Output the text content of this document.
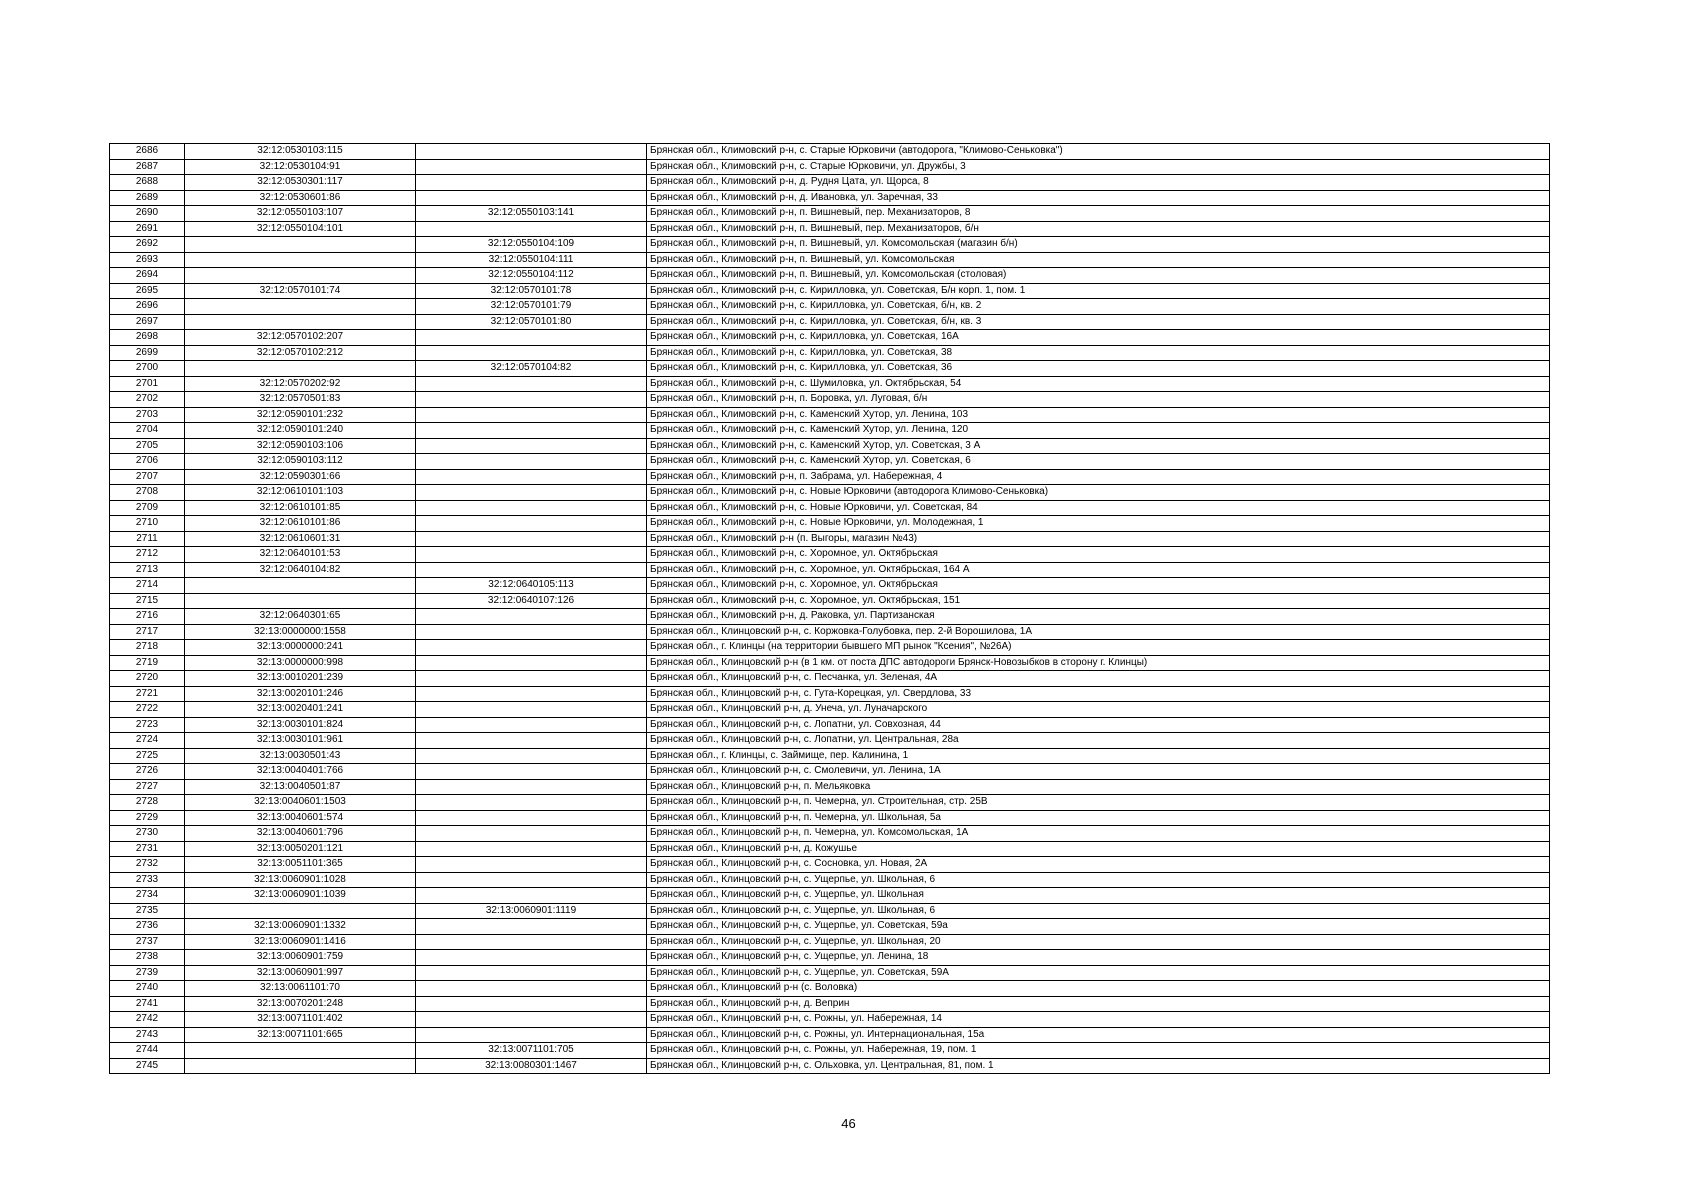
2686	32:12:0530103:115		Брянская обл., Климовский р-н, с. Старые Юрковичи (автодорога, "Климово-Сеньковка")
2687	32:12:0530104:91		Брянская обл., Климовский р-н, с. Старые Юрковичи, ул. Дружбы, 3
2688	32:12:0530301:117		Брянская обл., Климовский р-н, д. Рудня Цата, ул. Щорса, 8
2689	32:12:0530601:86		Брянская обл., Климовский р-н, д. Ивановка, ул. Заречная, 33
2690	32:12:0550103:107	32:12:0550103:141	Брянская обл., Климовский р-н, п. Вишневый, пер. Механизаторов, 8
2691	32:12:0550104:101		Брянская обл., Климовский р-н, п. Вишневый, пер. Механизаторов, б/н
2692		32:12:0550104:109	Брянская обл., Климовский р-н, п. Вишневый, ул. Комсомольская (магазин б/н)
2693		32:12:0550104:111	Брянская обл., Климовский р-н, п. Вишневый, ул. Комсомольская
2694		32:12:0550104:112	Брянская обл., Климовский р-н, п. Вишневый, ул. Комсомольская (столовая)
2695	32:12:0570101:74	32:12:0570101:78	Брянская обл., Климовский р-н, с. Кирилловка, ул. Советская, Б/н корп. 1, пом. 1
2696		32:12:0570101:79	Брянская обл., Климовский р-н, с. Кирилловка, ул. Советская, б/н, кв. 2
2697		32:12:0570101:80	Брянская обл., Климовский р-н, с. Кирилловка, ул. Советская, б/н, кв. 3
2698	32:12:0570102:207		Брянская обл., Климовский р-н, с. Кирилловка, ул. Советская, 16А
2699	32:12:0570102:212		Брянская обл., Климовский р-н, с. Кирилловка, ул. Советская, 38
2700		32:12:0570104:82	Брянская обл., Климовский р-н, с. Кирилловка, ул. Советская, 36
2701	32:12:0570202:92		Брянская обл., Климовский р-н, с. Шумиловка, ул. Октябрьская, 54
2702	32:12:0570501:83		Брянская обл., Климовский р-н, п. Боровка, ул. Луговая, б/н
2703	32:12:0590101:232		Брянская обл., Климовский р-н, с. Каменский Хутор, ул. Ленина, 103
2704	32:12:0590101:240		Брянская обл., Климовский р-н, с. Каменский Хутор, ул. Ленина, 120
2705	32:12:0590103:106		Брянская обл., Климовский р-н, с. Каменский Хутор, ул. Советская, 3 А
2706	32:12:0590103:112		Брянская обл., Климовский р-н, с. Каменский Хутор, ул. Советская, 6
2707	32:12:0590301:66		Брянская обл., Климовский р-н, п. Забрама, ул. Набережная, 4
2708	32:12:0610101:103		Брянская обл., Климовский р-н, с. Новые Юрковичи (автодорога Климово-Сеньковка)
2709	32:12:0610101:85		Брянская обл., Климовский р-н, с. Новые Юрковичи, ул. Советская, 84
2710	32:12:0610101:86		Брянская обл., Климовский р-н, с. Новые Юрковичи, ул. Молодежная, 1
2711	32:12:0610601:31		Брянская обл., Климовский р-н (п. Выгоры, магазин №43)
2712	32:12:0640101:53		Брянская обл., Климовский р-н, с. Хоромное, ул. Октябрьская
2713	32:12:0640104:82		Брянская обл., Климовский р-н, с. Хоромное, ул. Октябрьская, 164 А
2714		32:12:0640105:113	Брянская обл., Климовский р-н, с. Хоромное, ул. Октябрьская
2715		32:12:0640107:126	Брянская обл., Климовский р-н, с. Хоромное, ул. Октябрьская, 151
2716	32:12:0640301:65		Брянская обл., Климовский р-н, д. Раковка, ул. Партизанская
2717	32:13:0000000:1558		Брянская обл., Клинцовский р-н, с. Коржовка-Голубовка, пер. 2-й Ворошилова, 1А
2718	32:13:0000000:241		Брянская обл., г. Клинцы (на территории бывшего МП рынок "Ксения", №26А)
2719	32:13:0000000:998		Брянская обл., Клинцовский р-н (в 1 км. от поста ДПС автодороги Брянск-Новозыбков в сторону г. Клинцы)
2720	32:13:0010201:239		Брянская обл., Клинцовский р-н, с. Песчанка, ул. Зеленая, 4А
2721	32:13:0020101:246		Брянская обл., Клинцовский р-н, с. Гута-Корецкая, ул. Свердлова, 33
2722	32:13:0020401:241		Брянская обл., Клинцовский р-н, д. Унеча, ул. Луначарского
2723	32:13:0030101:824		Брянская обл., Клинцовский р-н, с. Лопатни, ул. Совхозная, 44
2724	32:13:0030101:961		Брянская обл., Клинцовский р-н, с. Лопатни, ул. Центральная, 28а
2725	32:13:0030501:43		Брянская обл., г. Клинцы, с. Займище, пер. Калинина, 1
2726	32:13:0040401:766		Брянская обл., Клинцовский р-н, с. Смолевичи, ул. Ленина, 1А
2727	32:13:0040501:87		Брянская обл., Клинцовский р-н, п. Мельяковка
2728	32:13:0040601:1503		Брянская обл., Клинцовский р-н, п. Чемерна, ул. Строительная, стр. 25В
2729	32:13:0040601:574		Брянская обл., Клинцовский р-н, п. Чемерна, ул. Школьная, 5а
2730	32:13:0040601:796		Брянская обл., Клинцовский р-н, п. Чемерна, ул. Комсомольская, 1А
2731	32:13:0050201:121		Брянская обл., Клинцовский р-н, д. Кожушье
2732	32:13:0051101:365		Брянская обл., Клинцовский р-н, с. Сосновка, ул. Новая, 2А
2733	32:13:0060901:1028		Брянская обл., Клинцовский р-н, с. Ущерпье, ул. Школьная, 6
2734	32:13:0060901:1039		Брянская обл., Клинцовский р-н, с. Ущерпье, ул. Школьная
2735		32:13:0060901:1119	Брянская обл., Клинцовский р-н, с. Ущерпье, ул. Школьная, 6
2736	32:13:0060901:1332		Брянская обл., Клинцовский р-н, с. Ущерпье, ул. Советская, 59а
2737	32:13:0060901:1416		Брянская обл., Клинцовский р-н, с. Ущерпье, ул. Школьная, 20
2738	32:13:0060901:759		Брянская обл., Клинцовский р-н, с. Ущерпье, ул. Ленина, 18
2739	32:13:0060901:997		Брянская обл., Клинцовский р-н, с. Ущерпье, ул. Советская, 59А
2740	32:13:0061101:70		Брянская обл., Клинцовский р-н (с. Воловка)
2741	32:13:0070201:248		Брянская обл., Клинцовский р-н, д. Веприн
2742	32:13:0071101:402		Брянская обл., Клинцовский р-н, с. Рожны, ул. Набережная, 14
2743	32:13:0071101:665		Брянская обл., Клинцовский р-н, с. Рожны, ул. Интернациональная, 15а
2744		32:13:0071101:705	Брянская обл., Клинцовский р-н, с. Рожны, ул. Набережная, 19, пом. 1
2745		32:13:0080301:1467	Брянская обл., Клинцовский р-н, с. Ольховка, ул. Центральная, 81, пом. 1
46
